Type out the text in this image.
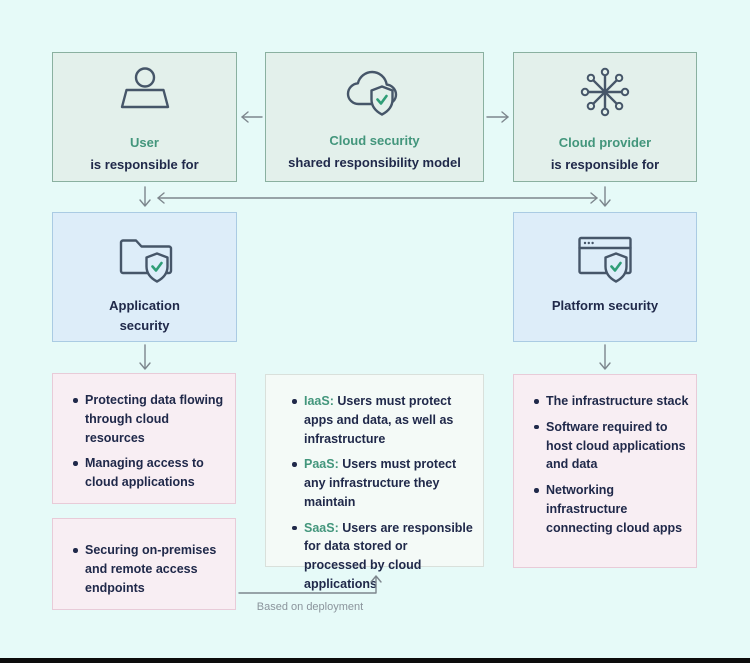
User
is responsible for
Cloud security
shared responsibility model
Cloud provider
is responsible for
Application security
Platform security
Protecting data flowing through cloud resources
Managing access to cloud applications
IaaS: Users must protect apps and data, as well as infrastructure
PaaS: Users must protect any infrastructure they maintain
SaaS: Users are responsible for data stored or processed by cloud applications
The infrastructure stack
Software required to host cloud applications and data
Networking infrastructure connecting cloud apps
Securing on-premises and remote access endpoints
Based on deployment
